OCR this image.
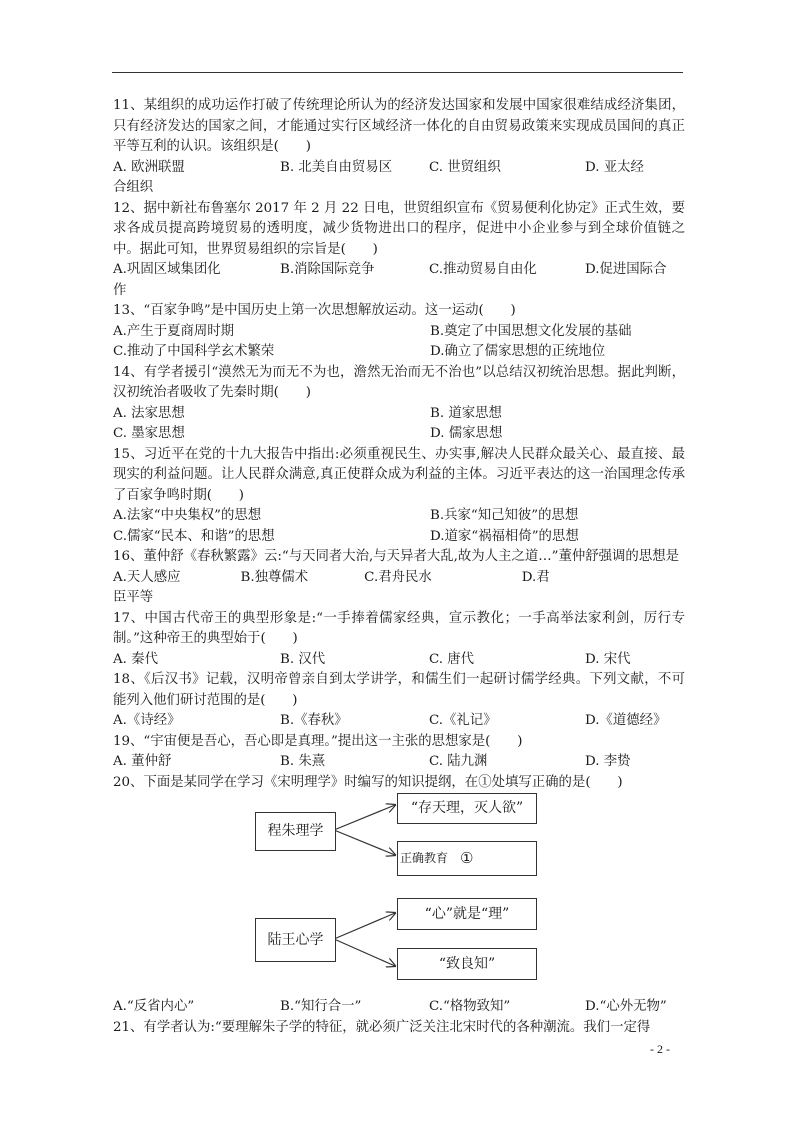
11、某组织的成功运作打破了传统理论所认为的经济发达国家和发展中国家很难结成经济集团，只有经济发达的国家之间，才能通过实行区域经济一体化的自由贸易政策来实现成员国间的真正平等互利的认识。该组织是(　　)

A. 欧洲联盟	B. 北美自由贸易区	C. 世贸组织	D. 亚太经

合组织

12、据中新社布鲁塞尔 2017 年 2 月 22 日电，世贸组织宣布《贸易便利化协定》正式生效，要求各成员提高跨境贸易的透明度，减少货物进出口的程序，促进中小企业参与到全球价值链之中。据此可知，世界贸易组织的宗旨是(　　)

A.巩固区域集团化	B.消除国际竞争	C.推动贸易自由化	D.促进国际合

作

13、“百家争鸣”是中国历史上第一次思想解放运动。这一运动(　　)

A.产生于夏商周时期	B.奠定了中国思想文化发展的基础
C.推动了中国科学玄术繁荣	D.确立了儒家思想的正统地位

14、有学者援引“漠然无为而无不为也，澹然无治而无不治也”以总结汉初统治思想。据此判断，汉初统治者吸收了先秦时期(　　)

A. 法家思想	B. 道家思想
C. 墨家思想	D. 儒家思想

15、习近平在党的十九大报告中指出:必须重视民生、办实事,解决人民群众最关心、最直接、最现实的利益问题。让人民群众满意,真正使群众成为利益的主体。习近平表达的这一治国理念传承了百家争鸣时期(　　)

A.法家“中央集权”的思想	B.兵家“知己知彼”的思想
C.儒家“民本、和谐”的思想	D.道家“祸福相倚”的思想

16、董仲舒《春秋繁露》云:“与天同者大治,与天异者大乱,故为人主之道…”董仲舒强调的思想是A.天人感应	B.独尊儒术	C.君舟民水	D.君

臣平等

17、中国古代帝王的典型形象是:“一手捧着儒家经典，宣示教化；一手高举法家利剑，厉行专制。”这种帝王的典型始于(　　)

A. 秦代	B. 汉代	C. 唐代	D. 宋代

18、《后汉书》记载，汉明帝曾亲自到太学讲学，和儒生们一起研讨儒学经典。下列文献，不可能列入他们研讨范围的是(　　)

A.《诗经》	B.《春秋》	C.《礼记》	D.《道德经》

19、“宇宙便是吾心，吾心即是真理。”提出这一主张的思想家是(　　)

A. 董仲舒	B. 朱熹	C. 陆九渊	D. 李贽

20、下面是某同学在学习《宋明理学》时编写的知识提纲，在①处填写正确的是(　　)

程朱理学
“存天理，灭人欲”
正确教育 ①
陆王心学
“心”就是“理”
“致良知”
A.“反省内心”	B.“知行合一”	C.“格物致知”	D.“心外无物”

21、有学者认为:“要理解朱子学的特征，就必须广泛关注北宋时代的各种潮流。我们一定得

- 2 -
